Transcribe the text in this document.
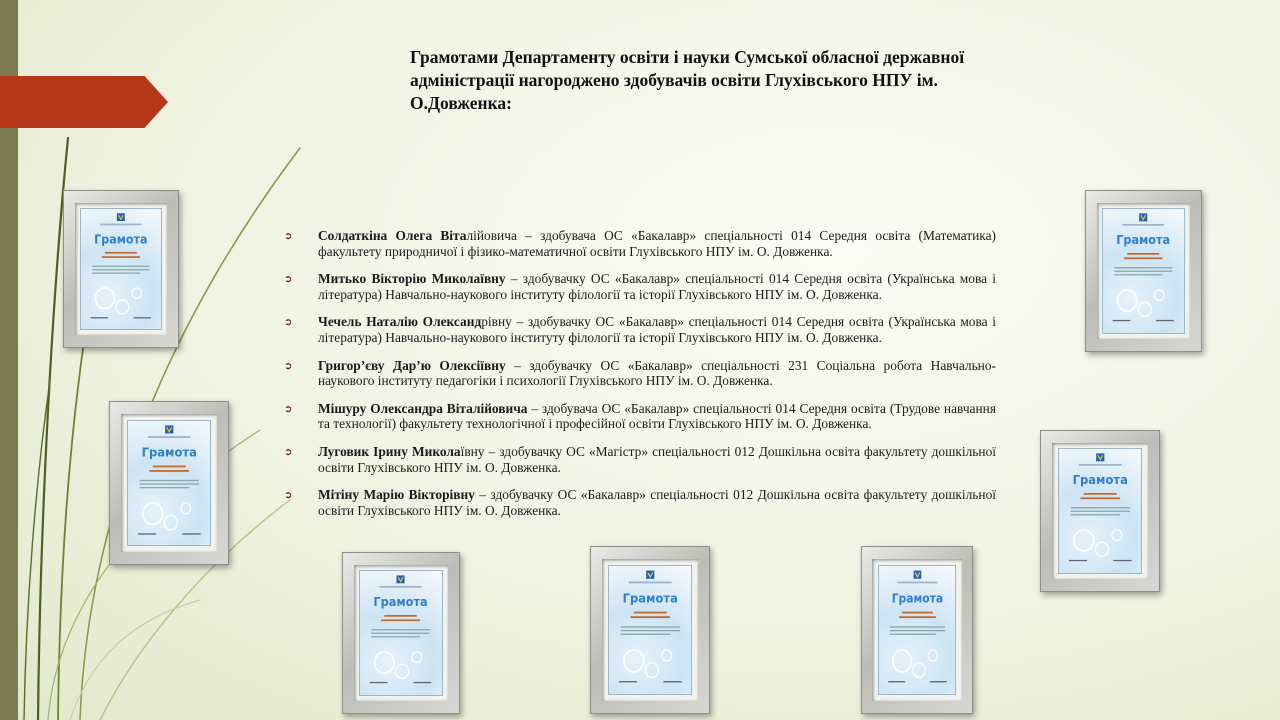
Грамотами Департаменту освіти і науки Сумської обласної державної адміністрації нагороджено здобувачів освіти Глухівського НПУ ім. О.Довженка:
➲ Солдаткіна Олега Віталійовича – здобувача ОС «Бакалавр» спеціальності 014 Середня освіта (Математика) факультету природничої і фізико-математичної освіти Глухівського НПУ ім. О. Довженка.
➲ Митько Вікторію Миколаївну – здобувачку ОС «Бакалавр» спеціальності 014 Середня освіта (Українська мова і література) Навчально-наукового інституту філології та історії Глухівського НПУ ім. О. Довженка.
➲ Чечель Наталію Олександрівну – здобувачку ОС «Бакалавр» спеціальності 014 Середня освіта (Українська мова і література) Навчально-наукового інституту філології та історії Глухівського НПУ ім. О. Довженка.
➲ Григор’єву Дар’ю Олексіївну – здобувачку ОС «Бакалавр» спеціальності 231 Соціальна робота Навчально-наукового інституту педагогіки і психології Глухівського НПУ ім. О. Довженка.
➲ Мішуру Олександра Віталійовича – здобувача ОС «Бакалавр» спеціальності 014 Середня освіта (Трудове навчання та технології) факультету технологічної і професійної освіти Глухівського НПУ ім. О. Довженка.
➲ Луговик Ірину Миколаївну – здобувачку ОС «Магістр» спеціальності 012 Дошкільна освіта факультету дошкільної освіти Глухівського НПУ ім. О. Довженка.
➲ Мітіну Марію Вікторівну – здобувачку ОС «Бакалавр» спеціальності 012 Дошкільна освіта факультету дошкільної освіти Глухівського НПУ ім. О. Довженка.
Грамота
Грамота
Грамота
Грамота
Грамота	Грамота	Грамота
